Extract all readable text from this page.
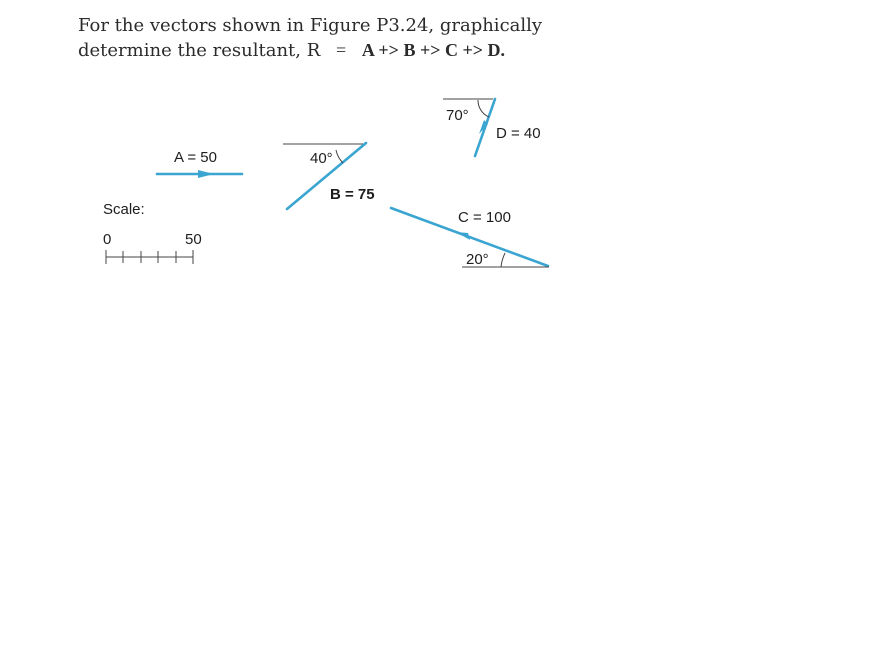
For the vectors shown in Figure P3.24, graphically
determine the resultant, R = A +> B +> C +> D.

A = 50	40°
B = 75
70°
D = 40
C = 100
20°
Scale:
0	50
